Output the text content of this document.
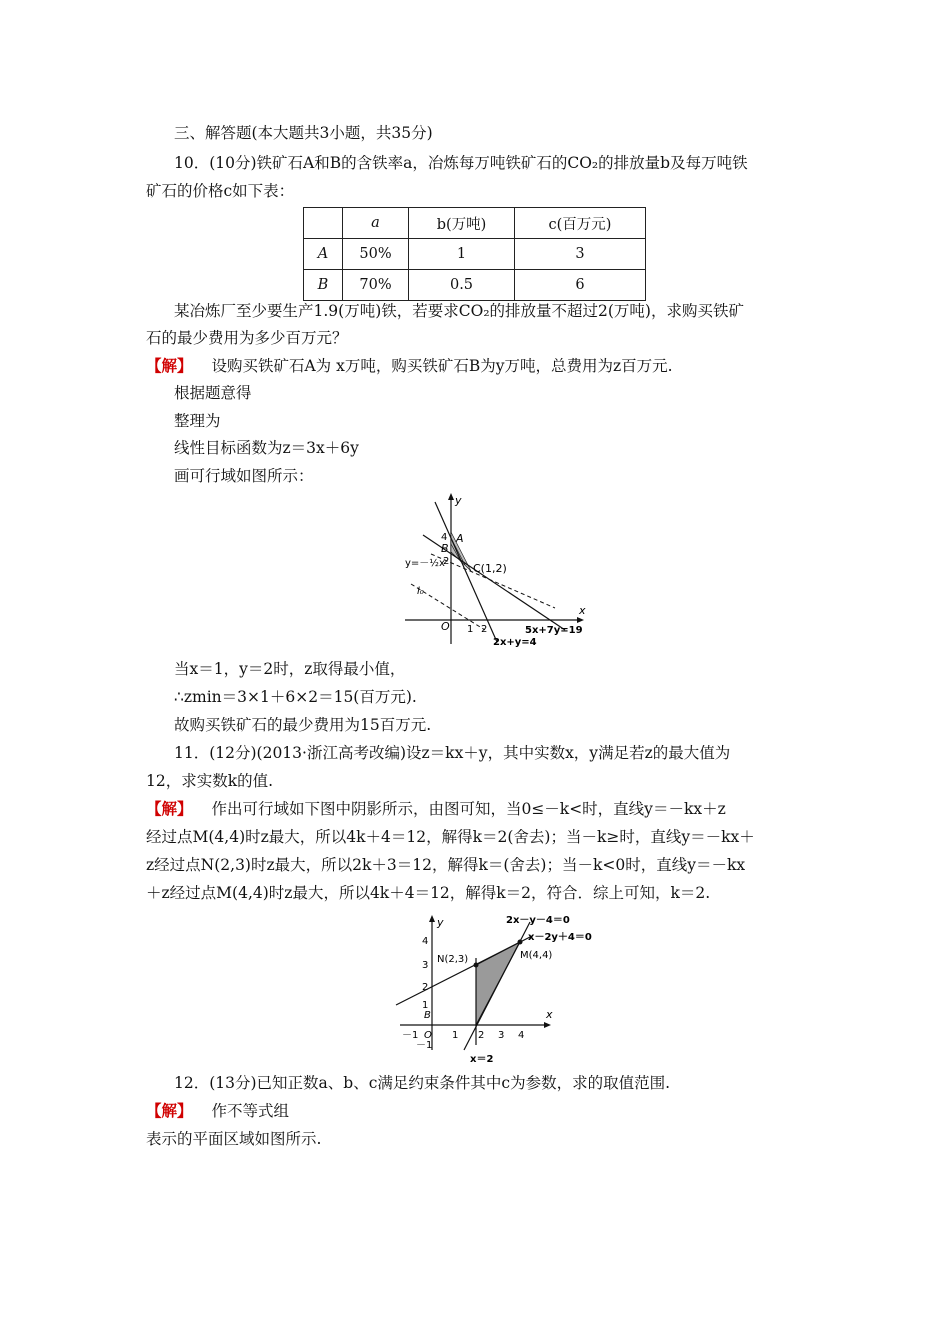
三、解答题(本大题共3小题，共35分)
10．(10分)铁矿石A和B的含铁率a，冶炼每万吨铁矿石的CO₂的排放量b及每万吨铁
矿石的价格c如下表：
	a	b(万吨)	c(百万元)
A	50%	1	3
B	70%	0.5	6
某冶炼厂至少要生产1.9(万吨)铁，若要求CO₂的排放量不超过2(万吨)，求购买铁矿
石的最少费用为多少百万元？
【解】 设购买铁矿石A为 x万吨，购买铁矿石B为y万吨，总费用为z百万元.
根据题意得
整理为
线性目标函数为z＝3x＋6y
画可行域如图所示：
y
x
O
A
B
C(1,2)
4
2
1 2
l₀
y=－½x
5x+7y=19
2x+y=4
当x＝1，y＝2时，z取得最小值，
∴zmin＝3×1＋6×2＝15(百万元).
故购买铁矿石的最少费用为15百万元.
11．(12分)(2013·浙江高考改编)设z＝kx＋y，其中实数x，y满足若z的最大值为
12，求实数k的值.
【解】 作出可行域如下图中阴影所示，由图可知，当0≤－k<时，直线y＝－kx＋z
经过点M(4,4)时z最大，所以4k＋4＝12，解得k＝2(舍去)；当－k≥时，直线y＝－kx＋
z经过点N(2,3)时z最大，所以2k＋3＝12，解得k＝(舍去)；当－k<0时，直线y＝－kx
＋z经过点M(4,4)时z最大，所以4k＋4＝12，解得k＝2，符合．综上可知，k＝2.
y
x
O
2x－y－4＝0
x－2y＋4＝0
M(4,4)
N(2,3)
B
x＝2
4
3
2
1
－1
－1	1 2 3 4
12．(13分)已知正数a、b、c满足约束条件其中c为参数，求的取值范围.
【解】 作不等式组
表示的平面区域如图所示.
